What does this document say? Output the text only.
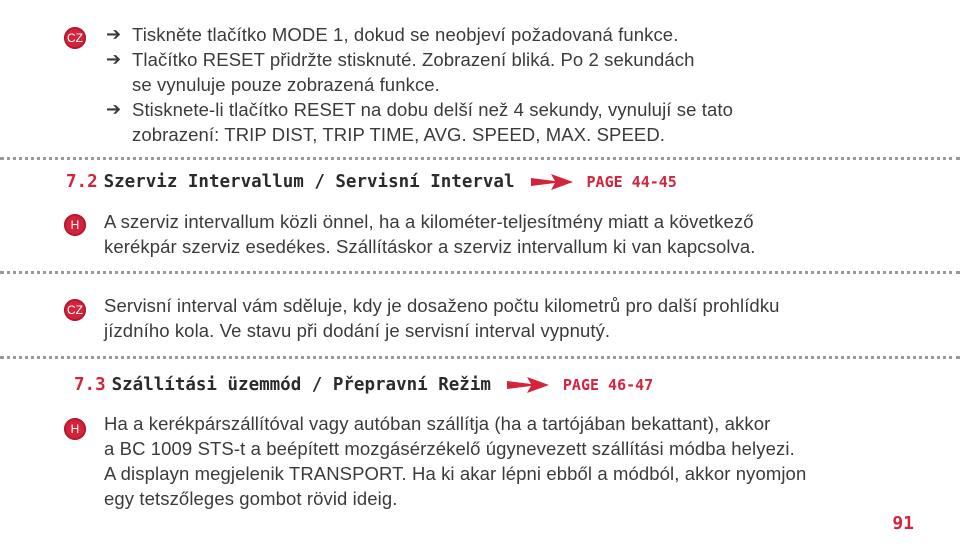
CZ ➔ Tiskněte tlačítko MODE 1, dokud se neobjeví požadovaná funkce.
➔ Tlačítko RESET přidržte stisknuté. Zobrazení bliká. Po 2 sekundách
se vynuluje pouze zobrazená funkce.
➔ Stisknete-li tlačítko RESET na dobu delší než 4 sekundy, vynulují se tato
zobrazení: TRIP DIST, TRIP TIME, AVG. SPEED, MAX. SPEED.
7.2 Szerviz Intervallum / Servisní Interval	PAGE 44-45
H	A szerviz intervallum közli önnel, ha a kilométer-teljesítmény miatt a következő
kerékpár szerviz esedékes. Szállításkor a szerviz intervallum ki van kapcsolva.
CZ Servisní interval vám sděluje, kdy je dosaženo počtu kilometrů pro další prohlídku
jízdního kola. Ve stavu při dodání je servisní interval vypnutý.
7.3 Szállítási üzemmód / Přepravní Režim	PAGE 46-47
H	Ha a kerékpárszállítóval vagy autóban szállítja (ha a tartójában bekattant), akkor
a BC 1009 STS-t a beépített mozgásérzékelő úgynevezett szállítási módba helyezi.
A displayn megjelenik TRANSPORT. Ha ki akar lépni ebből a módból, akkor nyomjon
egy tetszőleges gombot rövid ideig.
91
